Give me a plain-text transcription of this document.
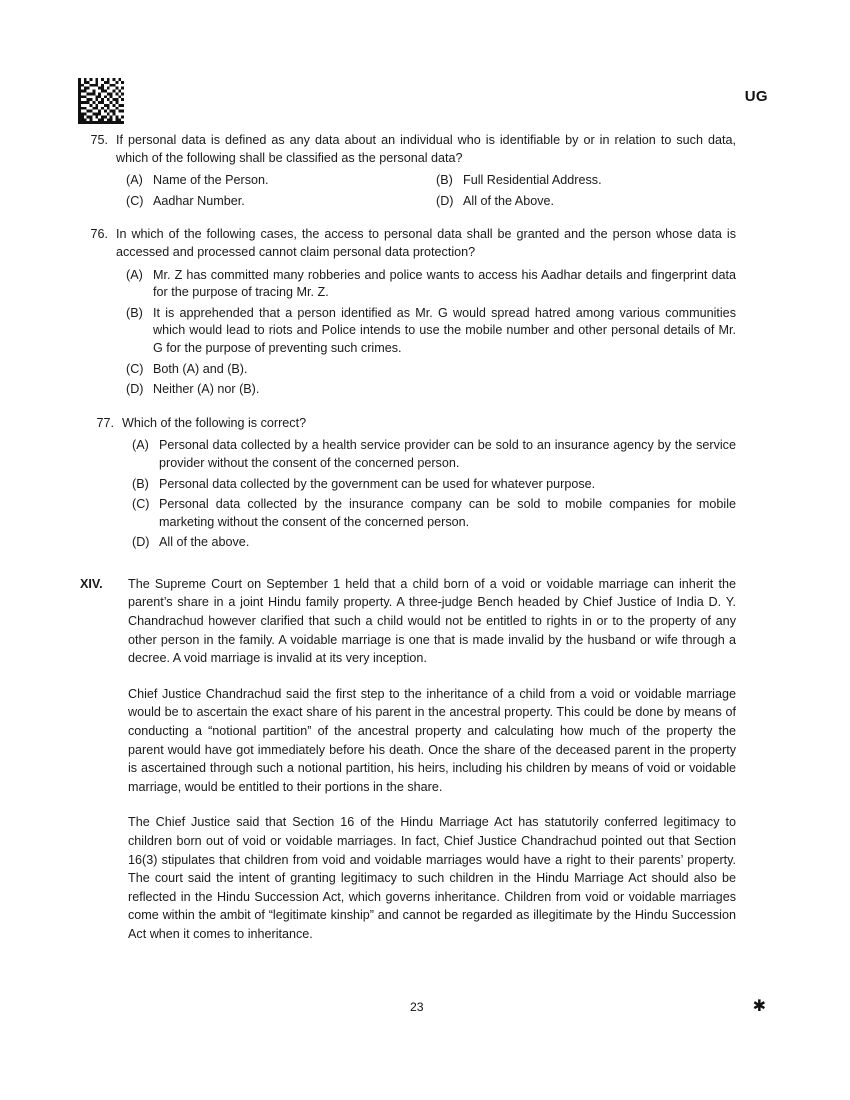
UG
75. If personal data is defined as any data about an individual who is identifiable by or in relation to such data, which of the following shall be classified as the personal data?
(A) Name of the Person.	(B) Full Residential Address.
(C) Aadhar Number.	(D) All of the Above.
76. In which of the following cases, the access to personal data shall be granted and the person whose data is accessed and processed cannot claim personal data protection?
(A) Mr. Z has committed many robberies and police wants to access his Aadhar details and fingerprint data for the purpose of tracing Mr. Z.
(B) It is apprehended that a person identified as Mr. G would spread hatred among various communities which would lead to riots and Police intends to use the mobile number and other personal details of Mr. G for the purpose of preventing such crimes.
(C) Both (A) and (B).
(D) Neither (A) nor (B).
77. Which of the following is correct?
(A) Personal data collected by a health service provider can be sold to an insurance agency by the service provider without the consent of the concerned person.
(B) Personal data collected by the government can be used for whatever purpose.
(C) Personal data collected by the insurance company can be sold to mobile companies for mobile marketing without the consent of the concerned person.
(D) All of the above.
XIV.	The Supreme Court on September 1 held that a child born of a void or voidable marriage can inherit the parent’s share in a joint Hindu family property. A three-judge Bench headed by Chief Justice of India D. Y. Chandrachud however clarified that such a child would not be entitled to rights in or to the property of any other person in the family. A voidable marriage is one that is made invalid by the husband or wife through a decree. A void marriage is invalid at its very inception.

Chief Justice Chandrachud said the first step to the inheritance of a child from a void or voidable marriage would be to ascertain the exact share of his parent in the ancestral property. This could be done by means of conducting a “notional partition” of the ancestral property and calculating how much of the property the parent would have got immediately before his death. Once the share of the deceased parent in the property is ascertained through such a notional partition, his heirs, including his children by means of void or voidable marriage, would be entitled to their portions in the share.

The Chief Justice said that Section 16 of the Hindu Marriage Act has statutorily conferred legitimacy to children born out of void or voidable marriages. In fact, Chief Justice Chandrachud pointed out that Section 16(3) stipulates that children from void and voidable marriages would have a right to their parents’ property. The court said the intent of granting legitimacy to such children in the Hindu Marriage Act should also be reflected in the Hindu Succession Act, which governs inheritance. Children from void or voidable marriages come within the ambit of “legitimate kinship” and cannot be regarded as illegitimate by the Hindu Succession Act when it comes to inheritance.

23	✱
